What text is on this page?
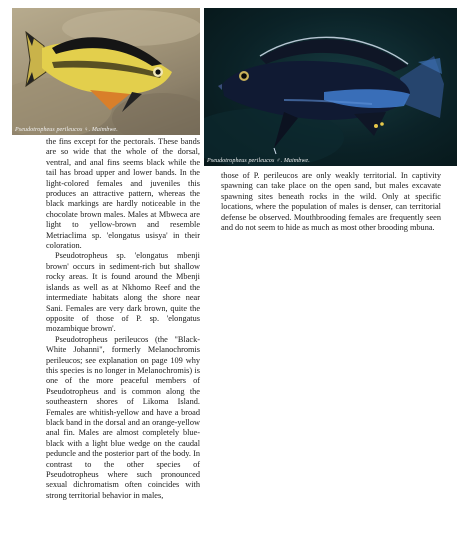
Pseudotropheus perileucos ♀. Maimbwe.
Pseudotropheus perileucos ♂. Maimbwe.

the fins except for the pectorals. These bands are so wide that the whole of the dorsal, ventral, and anal fins seems black while the tail has broad upper and lower bands. In the light-colored females and juveniles this produces an attractive pattern, whereas the black markings are hardly noticeable in the chocolate brown males. Males at Mbweca are light to yellow-brown and resemble Metriaclima sp. 'elongatus usisya' in their coloration.

Pseudotropheus sp. 'elongatus mbenji brown' occurs in sediment-rich but shallow rocky areas. It is found around the Mbenji islands as well as at Nkhomo Reef and the intermediate habitats along the shore near Sani. Females are very dark brown, quite the opposite of those of P. sp. 'elongatus mozambique brown'.

Pseudotropheus perileucos (the "Black-White Johanni", formerly Melanochromis perileucos; see explanation on page 109 why this species is no longer in Melanochromis) is one of the more peaceful members of Pseudotropheus and is common along the southeastern shores of Likoma Island. Females are whitish-yellow and have a broad black band in the dorsal and an orange-yellow anal fin. Males are almost completely blue-black with a light blue wedge on the caudal peduncle and the posterior part of the body. In contrast to the other species of Pseudotropheus where such pronounced sexual dichromatism often coincides with strong territorial behavior in males,

those of P. perileucos are only weakly territorial. In captivity spawning can take place on the open sand, but males excavate spawning sites beneath rocks in the wild. Only at specific locations, where the population of males is denser, can territorial defense be observed. Mouthbrooding females are frequently seen and do not seem to hide as much as most other brooding mbuna.
